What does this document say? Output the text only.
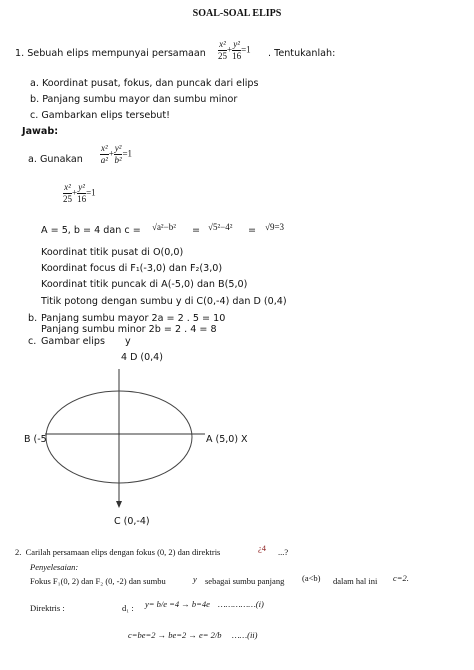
SOAL-SOAL ELIPS
1. Sebuah elips mempunyai persamaan $\frac{\text{x²}}{25} + \frac{\text{y²}}{16} =1$ . Tentukanlah:
a. Koordinat pusat, fokus, dan puncak dari elips
b. Panjang sumbu mayor dan sumbu minor
c. Gambarkan elips tersebut!
Jawab:
a. Gunakan $\frac{\text{x²}}{\text{a²}} + \frac{\text{y²}}{\text{b²}} =1$
$\frac{\text{x²}}{25} + \frac{\text{y²}}{16} =1$
A = 5, b = 4 dan c = √a²−b² = √5²−4² = √9=3
Koordinat titik pusat di O(0,0)
Koordinat focus di F₁(-3,0) dan F₂(3,0)
Koordinat titik puncak di A(-5,0) dan B(5,0)
Titik potong dengan sumbu y di C(0,-4) dan D (0,4)
b. Panjang sumbu mayor 2a = 2 . 5 = 10
Panjang sumbu minor 2b = 2 . 4 = 8
c. Gambar elips y
4 D (0,4)
B (-5	A (5,0) X
C (0,-4)
2. Carilah persamaan elips dengan fokus (0, 2) dan direktris	¿4 ...?
Penyelesaian:
Fokus F₁(0, 2) dan F₂ (0, -2) dan sumbu	y sebagai sumbu panjang (a<b) dalam hal ini c=2.
Direktris :	d₁ : y= b/e =4 → b=4e ……………(i)
c=be=2 → be=2 → e= 2/b ……(ii)
